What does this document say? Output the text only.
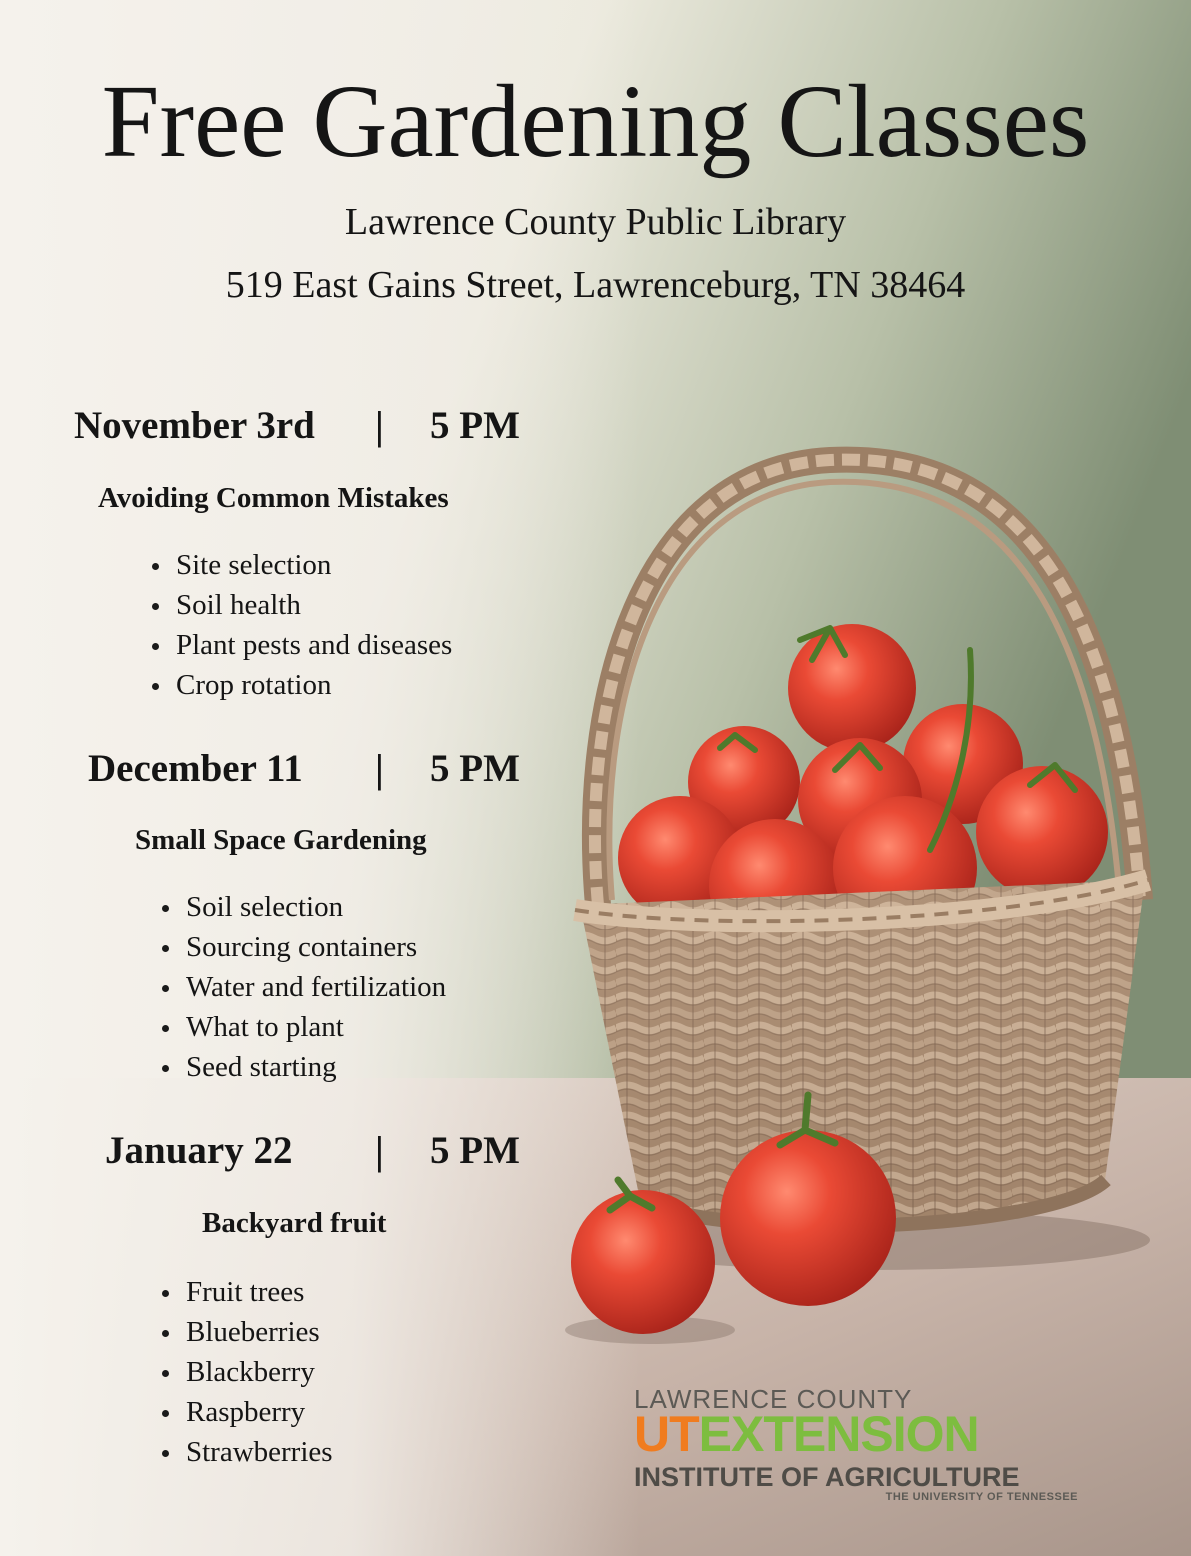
Free Gardening Classes
Lawrence County Public Library
519 East Gains Street, Lawrenceburg, TN 38464
November 3rd | 5 PM
Avoiding Common Mistakes
Site selection
Soil health
Plant pests and diseases
Crop rotation
December 11 | 5 PM
Small Space Gardening
Soil selection
Sourcing containers
Water and fertilization
What to plant
Seed starting
January 22 | 5 PM
Backyard fruit
Fruit trees
Blueberries
Blackberry
Raspberry
Strawberries
LAWRENCE COUNTY
UTEXTENSION
INSTITUTE OF AGRICULTURE
THE UNIVERSITY OF TENNESSEE
